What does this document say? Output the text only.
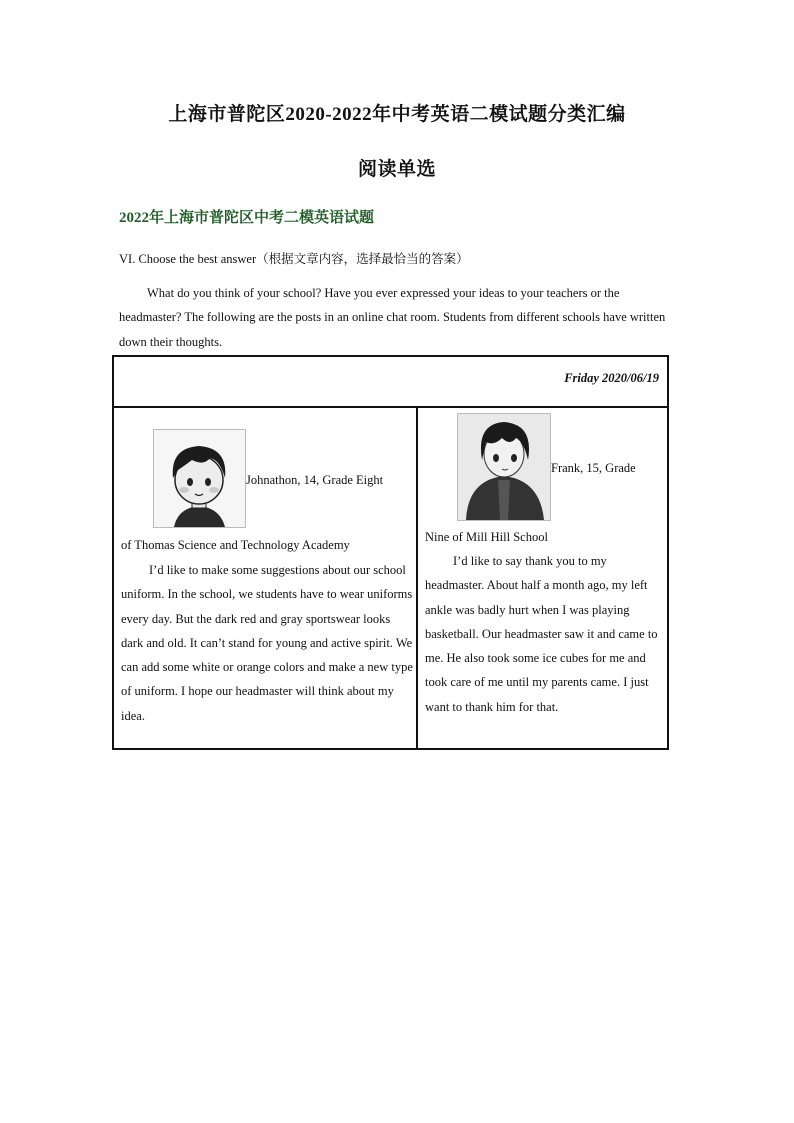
上海市普陀区2020-2022年中考英语二模试题分类汇编
阅读单选
2022年上海市普陀区中考二模英语试题
VI. Choose the best answer（根据文章内容，选择最恰当的答案）

What do you think of your school? Have you ever expressed your ideas to your teachers or the headmaster? The following are the posts in an online chat room. Students from different schools have written down their thoughts.

Friday 2020/06/19
Johnathon, 14, Grade Eight
of Thomas Science and Technology Academy

I’d like to make some suggestions about our school uniform. In the school, we students have to wear uniforms every day. But the dark red and gray sportswear looks dark and old. It can’t stand for young and active spirit. We can add some white or orange colors and make a new type of uniform. I hope our headmaster will think about my idea.

Frank, 15, Grade
Nine of Mill Hill School

I’d like to say thank you to my headmaster. About half a month ago, my left ankle was badly hurt when I was playing basketball. Our headmaster saw it and came to me. He also took some ice cubes for me and took care of me until my parents came. I just want to thank him for that.
